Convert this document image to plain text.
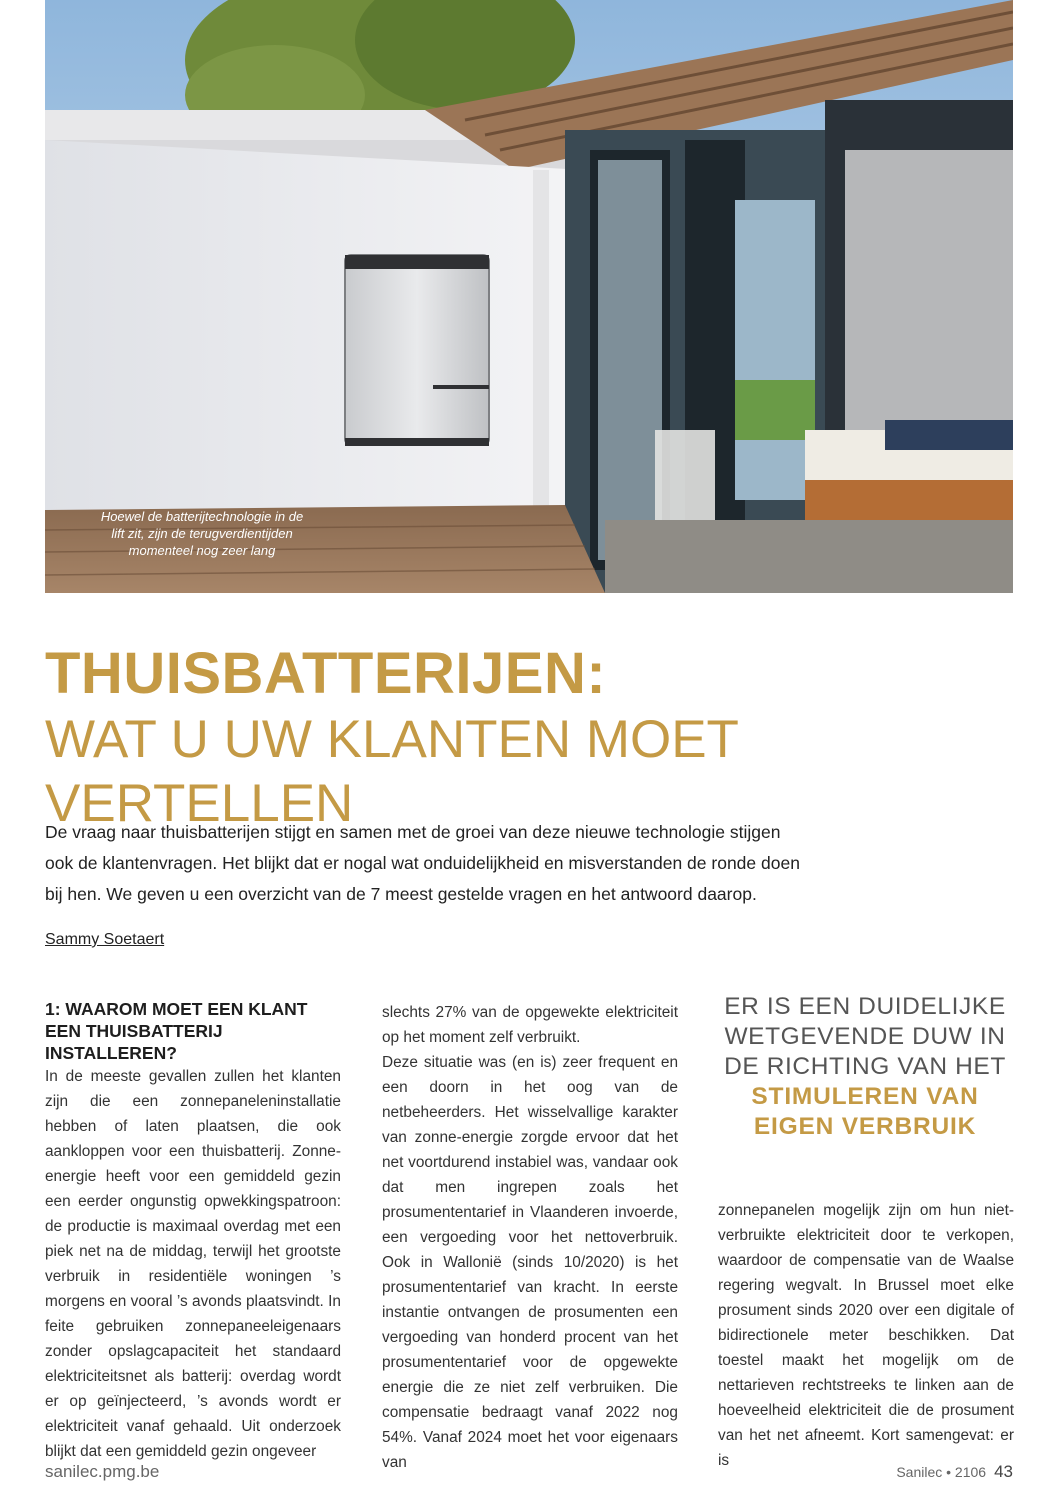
Hoewel de batterijtechnologie in de lift zit, zijn de terugverdientijden momenteel nog zeer lang
THUISBATTERIJEN:
WAT U UW KLANTEN MOET VERTELLEN

De vraag naar thuisbatterijen stijgt en samen met de groei van deze nieuwe technologie stijgen ook de klantenvragen. Het blijkt dat er nogal wat onduidelijkheid en misverstanden de ronde doen bij hen. We geven u een overzicht van de 7 meest gestelde vragen en het antwoord daarop.

Sammy Soetaert

1: WAAROM MOET EEN KLANT EEN THUISBATTERIJ INSTALLEREN?

In de meeste gevallen zullen het klanten zijn die een zonnepaneleninstallatie hebben of laten plaatsen, die ook aankloppen voor een thuisbatterij. Zonne-energie heeft voor een gemiddeld gezin een eerder ongunstig opwekkingspatroon: de productie is maximaal overdag met een piek net na de middag, terwijl het grootste verbruik in residentiële woningen ’s morgens en vooral ’s avonds plaatsvindt. In feite gebruiken zonnepaneeleigenaars zonder opslagcapaciteit het standaard elektriciteitsnet als batterij: overdag wordt er op geïnjecteerd, ’s avonds wordt er elektriciteit vanaf gehaald. Uit onderzoek blijkt dat een gemiddeld gezin ongeveer

slechts 27% van de opgewekte elektriciteit op het moment zelf verbruikt.

Deze situatie was (en is) zeer frequent en een doorn in het oog van de netbeheerders. Het wisselvallige karakter van zonne-energie zorgde ervoor dat het net voortdurend instabiel was, vandaar ook dat men ingrepen zoals het prosumententarief in Vlaanderen invoerde, een vergoeding voor het nettoverbruik. Ook in Wallonië (sinds 10/2020) is het prosumententarief van kracht. In eerste instantie ontvangen de prosumenten een vergoeding van honderd procent van het prosumententarief voor de opgewekte energie die ze niet zelf verbruiken. Die compensatie bedraagt vanaf 2022 nog 54%. Vanaf 2024 moet het voor eigenaars van

ER IS EEN DUIDELIJKE
WETGEVENDE DUW IN
DE RICHTING VAN HET
STIMULEREN VAN
EIGEN VERBRUIK

zonnepanelen mogelijk zijn om hun niet-verbruikte elektriciteit door te verkopen, waardoor de compensatie van de Waalse regering wegvalt. In Brussel moet elke prosument sinds 2020 over een digitale of bidirectionele meter beschikken. Dat toestel maakt het mogelijk om de nettarieven rechtstreeks te linken aan de hoeveelheid elektriciteit die de prosument van het net afneemt. Kort samengevat: er is

sanilec.pmg.be	Sanilec • 2106 43
